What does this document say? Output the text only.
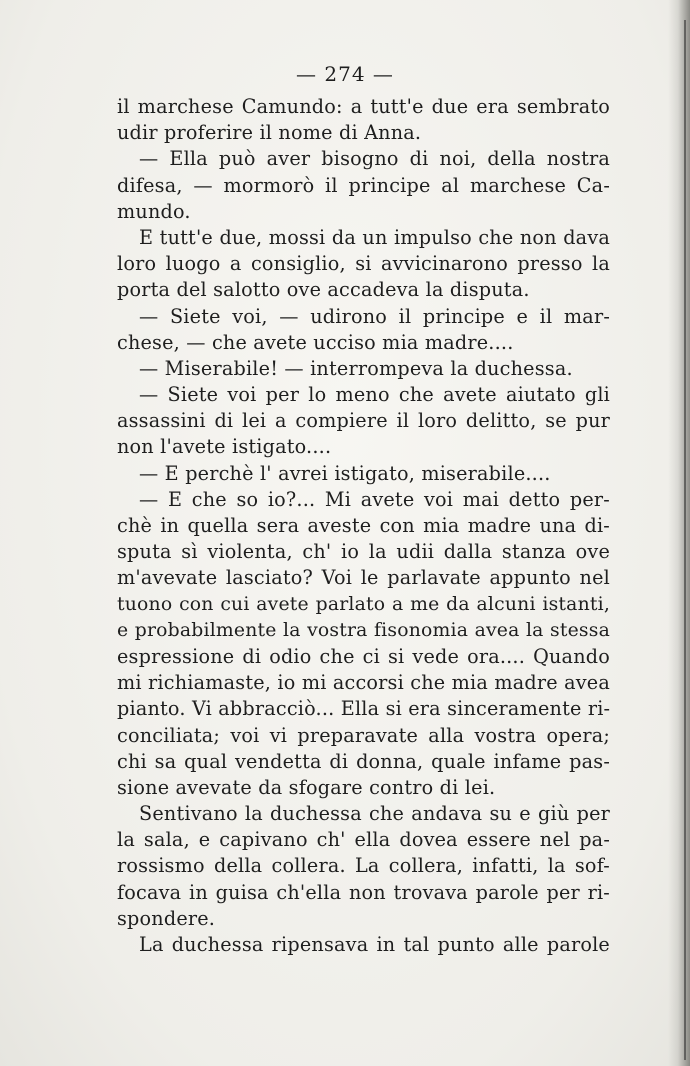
— 274 —
il marchese Camundo: a tutt'e due era sembrato
udir proferire il nome di Anna.
— Ella può aver bisogno di noi, della nostra
difesa, — mormorò il principe al marchese Ca-
mundo.
E tutt'e due, mossi da un impulso che non dava
loro luogo a consiglio, si avvicinarono presso la
porta del salotto ove accadeva la disputa.
— Siete voi, — udirono il principe e il mar-
chese, — che avete ucciso mia madre....
— Miserabile! — interrompeva la duchessa.
— Siete voi per lo meno che avete aiutato gli
assassini di lei a compiere il loro delitto, se pur
non l'avete istigato....
— E perchè l' avrei istigato, miserabile....
— E che so io?... Mi avete voi mai detto per-
chè in quella sera aveste con mia madre una di-
sputa sì violenta, ch' io la udii dalla stanza ove
m'avevate lasciato? Voi le parlavate appunto nel
tuono con cui avete parlato a me da alcuni istanti,
e probabilmente la vostra fisonomia avea la stessa
espressione di odio che ci si vede ora.... Quando
mi richiamaste, io mi accorsi che mia madre avea
pianto. Vi abbracciò... Ella si era sinceramente ri-
conciliata; voi vi preparavate alla vostra opera;
chi sa qual vendetta di donna, quale infame pas-
sione avevate da sfogare contro di lei.
Sentivano la duchessa che andava su e giù per
la sala, e capivano ch' ella dovea essere nel pa-
rossismo della collera. La collera, infatti, la sof-
focava in guisa ch'ella non trovava parole per ri-
spondere.
La duchessa ripensava in tal punto alle parole
